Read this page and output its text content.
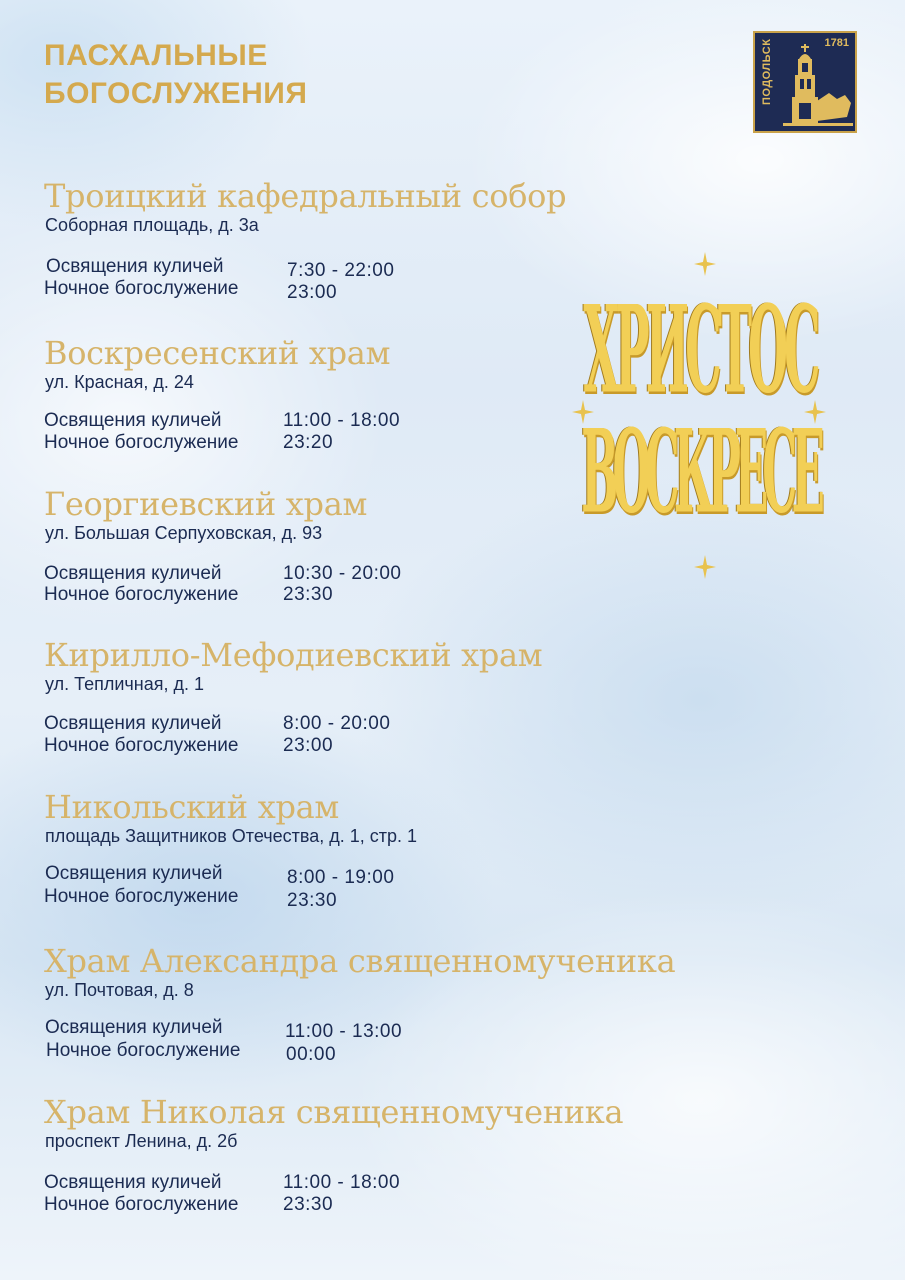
ПАСХАЛЬНЫЕ
БОГОСЛУЖЕНИЯ	ПОДОЛЬСК	1781
ХРИСТОС
ВОСКРЕСЕ
Троицкий кафедральный собор
Соборная площадь, д. 3а
Освящения куличей	7:30 - 22:00
Ночное богослужение	23:00
Воскресенский храм
ул. Красная, д. 24
Освящения куличей	11:00 - 18:00
Ночное богослужение 23:20
Георгиевский храм
ул. Большая Серпуховская, д. 93
Освящения куличей	10:30 - 20:00
Ночное богослужение 23:30
Кирилло-Мефодиевский храм
ул. Тепличная, д. 1
Освящения куличей	8:00 - 20:00
Ночное богослужение 23:00
Никольский храм
площадь Защитников Отечества, д. 1, стр. 1
Освящения куличей	8:00 - 19:00
Ночное богослужение	23:30
Храм Александра священномученика
ул. Почтовая, д. 8
Освящения куличей	11:00 - 13:00
Ночное богослужение 00:00
Храм Николая священномученика
проспект Ленина, д. 2б
Освящения куличей	11:00 - 18:00
Ночное богослужение 23:30
